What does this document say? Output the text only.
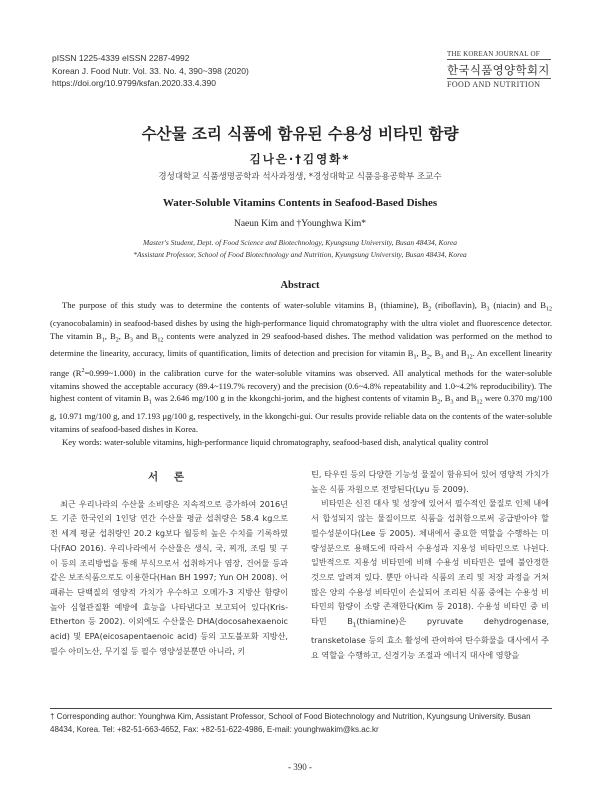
pISSN 1225-4339 eISSN 2287-4992
Korean J. Food Nutr. Vol. 33. No. 4, 390~398 (2020)
https://doi.org/10.9799/ksfan.2020.33.4.390
THE KOREAN JOURNAL OF
한국식품영양학회지
FOOD AND NUTRITION
수산물 조리 식품에 함유된 수용성 비타민 함량
김나은·†김영화*
경성대학교 식품생명공학과 석사과정생, *경성대학교 식품응용공학부 조교수
Water-Soluble Vitamins Contents in Seafood-Based Dishes
Naeun Kim and †Younghwa Kim*
Master's Student, Dept. of Food Science and Biotechnology, Kyungsung University, Busan 48434, Korea
*Assistant Professor, School of Food Biotechnology and Nutrition, Kyungsung University, Busan 48434, Korea
Abstract

The purpose of this study was to determine the contents of water-soluble vitamins $B_1$ (thiamine), $B_2$ (riboflavin), $B_3$ (niacin) and $B_{12}$ (cyanocobalamin) in seafood-based dishes by using the high-performance liquid chromatography with the ultra violet and fluorescence detector. The vitamin $B_1$, $B_2$, $B_3$ and $B_{12}$ contents were analyzed in 29 seafood-based dishes. The method validation was performed on the method to determine the linearity, accuracy, limits of quantification, limits of detection and precision for vitamin $B_1$, $B_2$, $B_3$ and $B_{12}$. An excellent linearity range $(R^2=0.999\sim 1.000)$ in the calibration curve for the water-soluble vitamins was observed. All analytical methods for the water-soluble vitamins showed the acceptable accuracy (89.4~119.7% recovery) and the precision (0.6~4.8% repeatability and 1.0~4.2% reproducibility). The highest content of vitamin $B_1$ was 2.646 mg/100 g in the kkongchi-jorim, and the highest contents of vitamin $B_2$, $B_3$ and $B_{12}$ were 0.370 mg/100 g, 10.971 mg/100 g, and 17.193 μg/100 g, respectively, in the kkongchi-gui. Our results provide reliable data on the contents of the water-soluble vitamins of seafood-based dishes in Korea.

Key words: water-soluble vitamins, high-performance liquid chromatography, seafood-based dish, analytical quality control

서 론

최근 우리나라의 수산물 소비량은 지속적으로 증가하여 2016년도 기준 한국인의 1인당 연간 수산물 평균 섭취량은 58.4 kg으로 전 세계 평균 섭취량인 20.2 kg보다 월등히 높은 수치를 기록하였다(FAO 2016). 우리나라에서 수산물은 생식, 국, 찌개, 조림 및 구이 등의 조리방법을 통해 부식으로서 섭취하거나 염장, 건어물 등과 같은 보조식품으로도 이용한다(Han BH 1997; Yun OH 2008). 어패류는 단백질의 영양적 가치가 우수하고 오메가-3 지방산 함량이 높아 심혈관질환 예방에 효능을 나타낸다고 보고되어 있다(Kris-Etherton 등 2002). 이외에도 수산물은 DHA(docosahexaenoic acid) 및 EPA(eicosapentaenoic acid) 등의 고도불포화 지방산, 필수 아미노산, 무기질 등 필수 영양성분뿐만 아니라, 키

틴, 타우린 등의 다양한 기능성 물질이 함유되어 있어 영양적 가치가 높은 식품 자원으로 전망된다(Lyu 등 2009).

비타민은 신진 대사 및 성장에 있어서 필수적인 물질로 인체 내에서 합성되지 않는 물질이므로 식품을 섭취함으로써 공급받아야 할 필수성분이다(Lee 등 2005). 체내에서 중요한 역할을 수행하는 미량성분으로 용해도에 따라서 수용성과 지용성 비타민으로 나뉜다. 일반적으로 지용성 비타민에 비해 수용성 비타민은 열에 불안정한 것으로 알려져 있다. 뿐만 아니라 식품의 조리 및 저장 과정을 거쳐 많은 양의 수용성 비타민이 손실되어 조리된 식품 중에는 수용성 비타민의 함량이 소량 존재한다(Kim 등 2018). 수용성 비타민 중 비타민 $B_1(thiamine)$은 pyruvate dehydrogenase, transketolase 등의 효소 활성에 관여하여 탄수화물을 대사에서 주요 역할을 수행하고, 신경기능 조절과 에너지 대사에 영향을

† Corresponding author: Younghwa Kim, Assistant Professor, School of Food Biotechnology and Nutrition, Kyungsung University. Busan 48434, Korea. Tel: +82-51-663-4652, Fax: +82-51-622-4986, E-mail: younghwakim@ks.ac.kr
- 390 -
